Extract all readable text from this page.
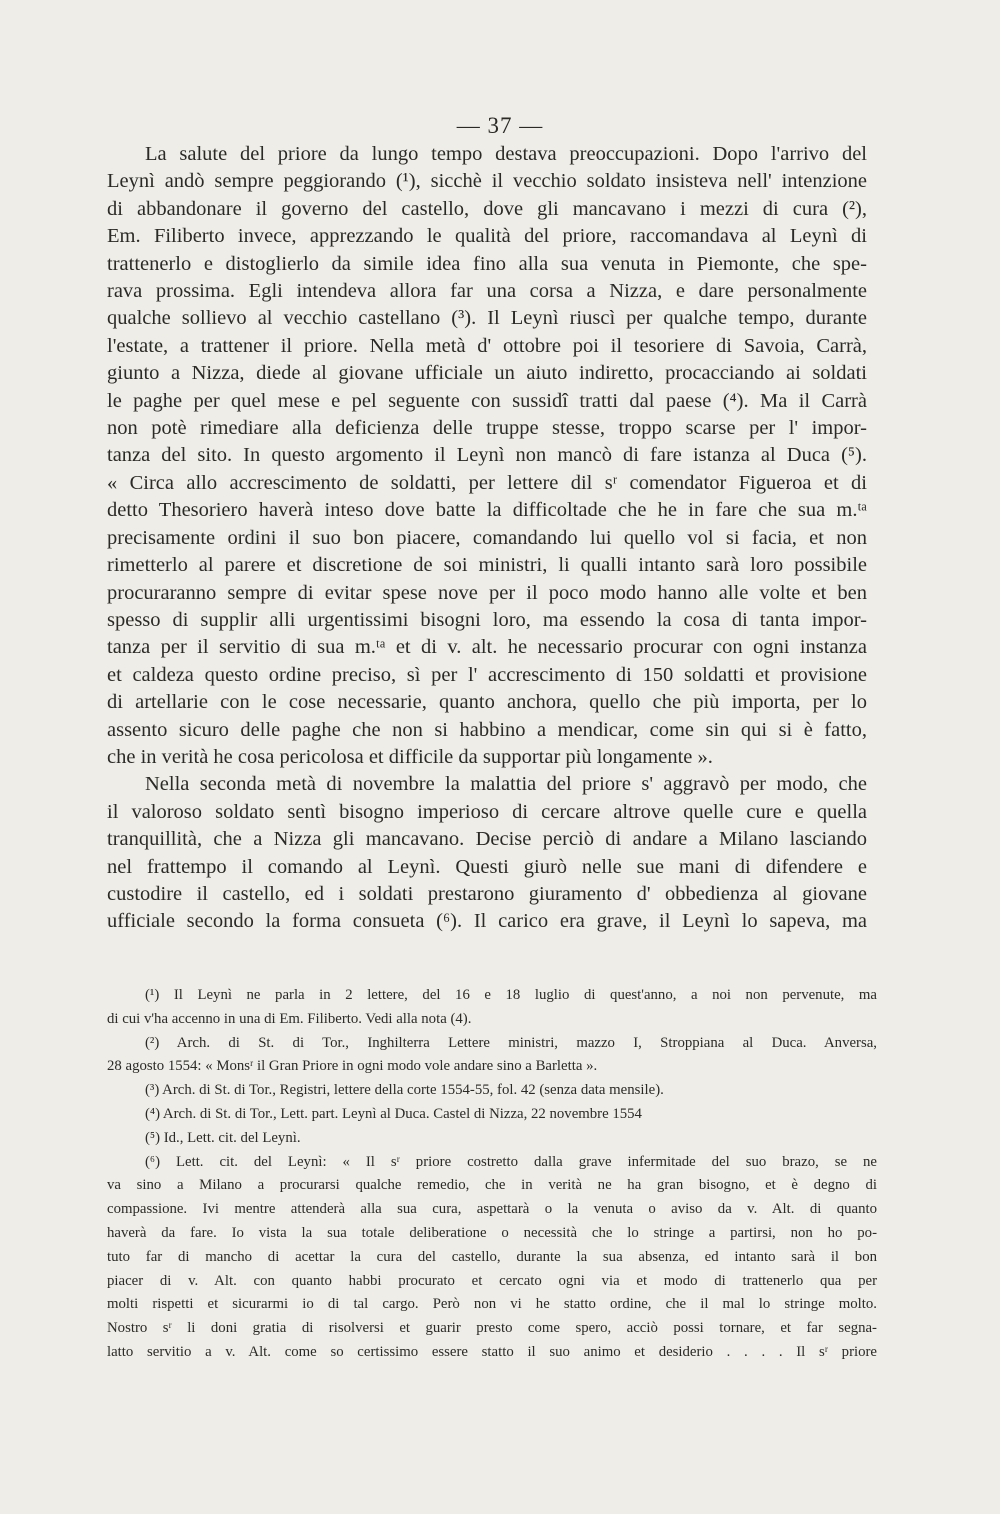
— 37 —
La salute del priore da lungo tempo destava preoccupazioni. Dopo l'arrivo del
Leynì andò sempre peggiorando (¹), sicchè il vecchio soldato insisteva nell' intenzione
di abbandonare il governo del castello, dove gli mancavano i mezzi di cura (²),
Em. Filiberto invece, apprezzando le qualità del priore, raccomandava al Leynì di
trattenerlo e distoglierlo da simile idea fino alla sua venuta in Piemonte, che spe-
rava prossima. Egli intendeva allora far una corsa a Nizza, e dare personalmente
qualche sollievo al vecchio castellano (³). Il Leynì riuscì per qualche tempo, durante
l'estate, a trattener il priore. Nella metà d' ottobre poi il tesoriere di Savoia, Carrà,
giunto a Nizza, diede al giovane ufficiale un aiuto indiretto, procacciando ai soldati
le paghe per quel mese e pel seguente con sussidî tratti dal paese (⁴). Ma il Carrà
non potè rimediare alla deficienza delle truppe stesse, troppo scarse per l' impor-
tanza del sito. In questo argomento il Leynì non mancò di fare istanza al Duca (⁵).
« Circa allo accrescimento de soldatti, per lettere dil sʳ comendator Figueroa et di
detto Thesoriero haverà inteso dove batte la difficoltade che he in fare che sua m.ᵗᵃ
precisamente ordini il suo bon piacere, comandando lui quello vol si facia, et non
rimetterlo al parere et discretione de soi ministri, li qualli intanto sarà loro possibile
procuraranno sempre di evitar spese nove per il poco modo hanno alle volte et ben
spesso di supplir alli urgentissimi bisogni loro, ma essendo la cosa di tanta impor-
tanza per il servitio di sua m.ᵗᵃ et di v. alt. he necessario procurar con ogni instanza
et caldeza questo ordine preciso, sì per l' accrescimento di 150 soldatti et provisione
di artellarie con le cose necessarie, quanto anchora, quello che più importa, per lo
assento sicuro delle paghe che non si habbino a mendicar, come sin qui si è fatto,
che in verità he cosa pericolosa et difficile da supportar più longamente ».
Nella seconda metà di novembre la malattia del priore s' aggravò per modo, che
il valoroso soldato sentì bisogno imperioso di cercare altrove quelle cure e quella
tranquillità, che a Nizza gli mancavano. Decise perciò di andare a Milano lasciando
nel frattempo il comando al Leynì. Questi giurò nelle sue mani di difendere e
custodire il castello, ed i soldati prestarono giuramento d' obbedienza al giovane
ufficiale secondo la forma consueta (⁶). Il carico era grave, il Leynì lo sapeva, ma
(¹) Il Leynì ne parla in 2 lettere, del 16 e 18 luglio di quest'anno, a noi non pervenute, ma
di cui v'ha accenno in una di Em. Filiberto. Vedi alla nota (4).
(²) Arch. di St. di Tor., Inghilterra Lettere ministri, mazzo I, Stroppiana al Duca. Anversa,
28 agosto 1554: « Monsʳ il Gran Priore in ogni modo vole andare sino a Barletta ».
(³) Arch. di St. di Tor., Registri, lettere della corte 1554-55, fol. 42 (senza data mensile).
(⁴) Arch. di St. di Tor., Lett. part. Leynì al Duca. Castel di Nizza, 22 novembre 1554
(⁵) Id., Lett. cit. del Leynì.
(⁶) Lett. cit. del Leynì: « Il sʳ priore costretto dalla grave infermitade del suo brazo, se ne
va sino a Milano a procurarsi qualche remedio, che in verità ne ha gran bisogno, et è degno di
compassione. Ivi mentre attenderà alla sua cura, aspettarà o la venuta o aviso da v. Alt. di quanto
haverà da fare. Io vista la sua totale deliberatione o necessità che lo stringe a partirsi, non ho po-
tuto far di mancho di acettar la cura del castello, durante la sua absenza, ed intanto sarà il bon
piacer di v. Alt. con quanto habbi procurato et cercato ogni via et modo di trattenerlo qua per
molti rispetti et sicurarmi io di tal cargo. Però non vi he statto ordine, che il mal lo stringe molto.
Nostro sʳ li doni gratia di risolversi et guarir presto come spero, acciò possi tornare, et far segna-
latto servitio a v. Alt. come so certissimo essere statto il suo animo et desiderio . . . . Il sʳ priore
